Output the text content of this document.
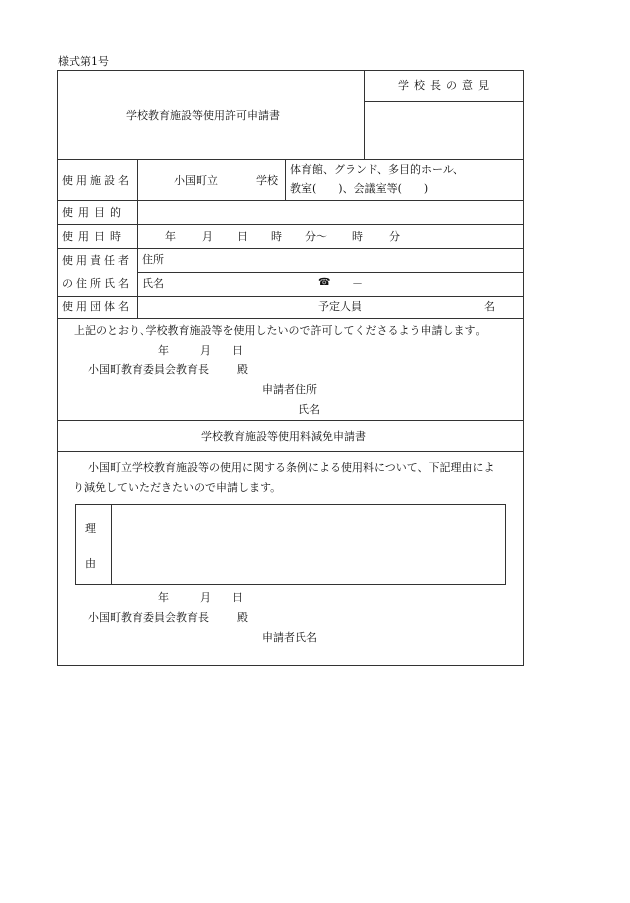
様式第1号
学校教育施設等使用許可申請書
学校長の意見
使用施設名	小国町立	学校
体育館、グランド、多目的ホール、
教室(　　)、会議室等(　　)
使用目的
使用日時	年 月 日 時 分～ 時 分
使用責任者
の住所氏名
住所
氏名	☎ －
使用団体名	予定人員	名
上記のとおり､学校教育施設等を使用したいので許可してくださるよう申請します｡
年	月 日
小国町教育委員会教育長	殿
申請者住所
氏名
学校教育施設等使用料減免申請書
小国町立学校教育施設等の使用に関する条例による使用料について、下記理由によ
り減免していただきたいので申請します。
理
由
年	月 日
小国町教育委員会教育長	殿
申請者氏名
